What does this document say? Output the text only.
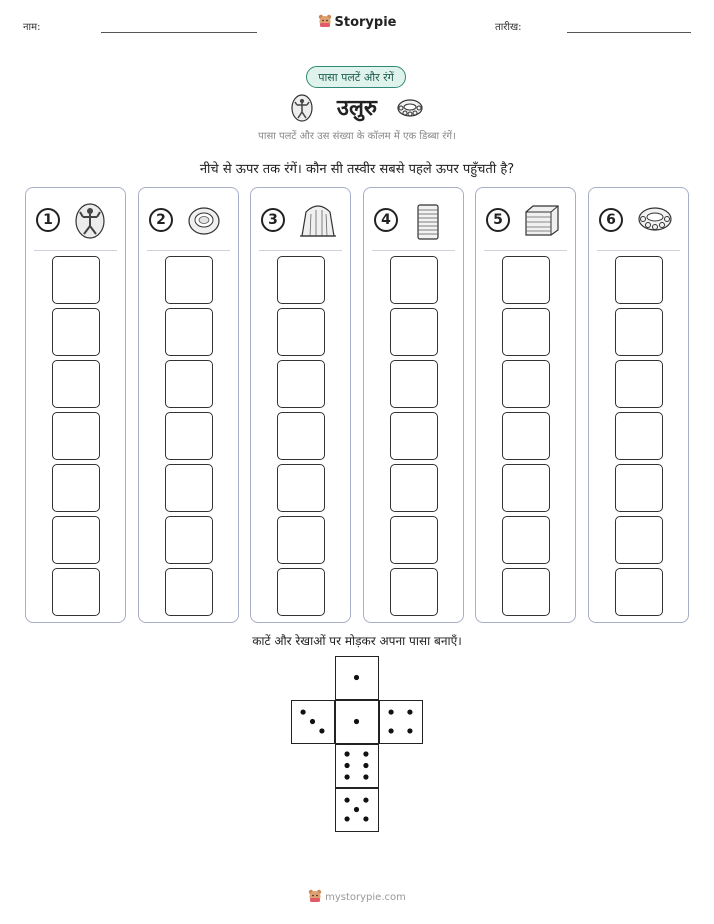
नाम:	Storypie	तारीख:
पासा पलटें और रंगें
उलुरु
पासा पलटें और उस संख्या के कॉलम में एक डिब्बा रंगें।
नीचे से ऊपर तक रंगें। कौन सी तस्वीर सबसे पहले ऊपर पहुँचती है?
1	2	3	4	5	6
काटें और रेखाओं पर मोड़कर अपना पासा बनाएँ।
mystorypie.com
